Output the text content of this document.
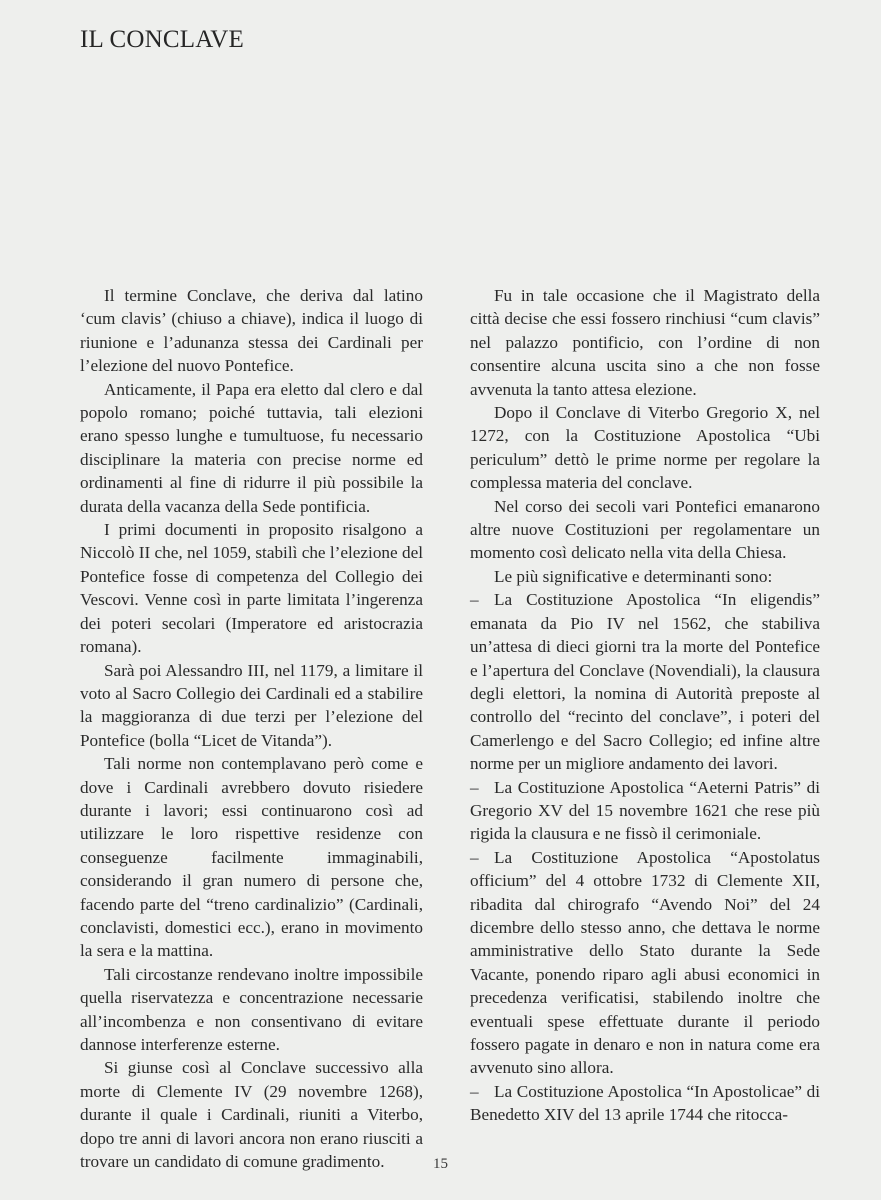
IL CONCLAVE

Il termine Conclave, che deriva dal latino ‘cum clavis’ (chiuso a chiave), indica il luogo di riunione e l’adunanza stessa dei Cardinali per l’elezione del nuovo Pontefice.

Anticamente, il Papa era eletto dal clero e dal popolo romano; poiché tuttavia, tali elezioni erano spesso lunghe e tumultuose, fu necessario disciplinare la materia con precise norme ed ordinamenti al fine di ridurre il più possibile la durata della vacanza della Sede pontificia.

I primi documenti in proposito risalgono a Niccolò II che, nel 1059, stabilì che l’elezione del Pontefice fosse di competenza del Collegio dei Vescovi. Venne così in parte limitata l’ingerenza dei poteri secolari (Imperatore ed aristocrazia romana).

Sarà poi Alessandro III, nel 1179, a limitare il voto al Sacro Collegio dei Cardinali ed a stabilire la maggioranza di due terzi per l’elezione del Pontefice (bolla “Licet de Vitanda”).

Tali norme non contemplavano però come e dove i Cardinali avrebbero dovuto risiedere durante i lavori; essi continuarono così ad utilizzare le loro rispettive residenze con conseguenze facilmente immaginabili, considerando il gran numero di persone che, facendo parte del “treno cardinalizio” (Cardinali, conclavisti, domestici ecc.), erano in movimento la sera e la mattina.

Tali circostanze rendevano inoltre impossibile quella riservatezza e concentrazione necessarie all’incombenza e non consentivano di evitare dannose interferenze esterne.

Si giunse così al Conclave successivo alla morte di Clemente IV (29 novembre 1268), durante il quale i Cardinali, riuniti a Viterbo, dopo tre anni di lavori ancora non erano riusciti a trovare un candidato di comune gradimento.

Fu in tale occasione che il Magistrato della città decise che essi fossero rinchiusi “cum clavis” nel palazzo pontificio, con l’ordine di non consentire alcuna uscita sino a che non fosse avvenuta la tanto attesa elezione.

Dopo il Conclave di Viterbo Gregorio X, nel 1272, con la Costituzione Apostolica “Ubi periculum” dettò le prime norme per regolare la complessa materia del conclave.

Nel corso dei secoli vari Pontefici emanarono altre nuove Costituzioni per regolamentare un momento così delicato nella vita della Chiesa.

Le più significative e determinanti sono:

– La Costituzione Apostolica “In eligendis” emanata da Pio IV nel 1562, che stabiliva un’attesa di dieci giorni tra la morte del Pontefice e l’apertura del Conclave (Novendiali), la clausura degli elettori, la nomina di Autorità preposte al controllo del “recinto del conclave”, i poteri del Camerlengo e del Sacro Collegio; ed infine altre norme per un migliore andamento dei lavori.

– La Costituzione Apostolica “Aeterni Patris” di Gregorio XV del 15 novembre 1621 che rese più rigida la clausura e ne fissò il cerimoniale.

– La Costituzione Apostolica “Apostolatus officium” del 4 ottobre 1732 di Clemente XII, ribadita dal chirografo “Avendo Noi” del 24 dicembre dello stesso anno, che dettava le norme amministrative dello Stato durante la Sede Vacante, ponendo riparo agli abusi economici in precedenza verificatisi, stabilendo inoltre che eventuali spese effettuate durante il periodo fossero pagate in denaro e non in natura come era avvenuto sino allora.

– La Costituzione Apostolica “In Apostolicae” di Benedetto XIV del 13 aprile 1744 che ritocca-

15
